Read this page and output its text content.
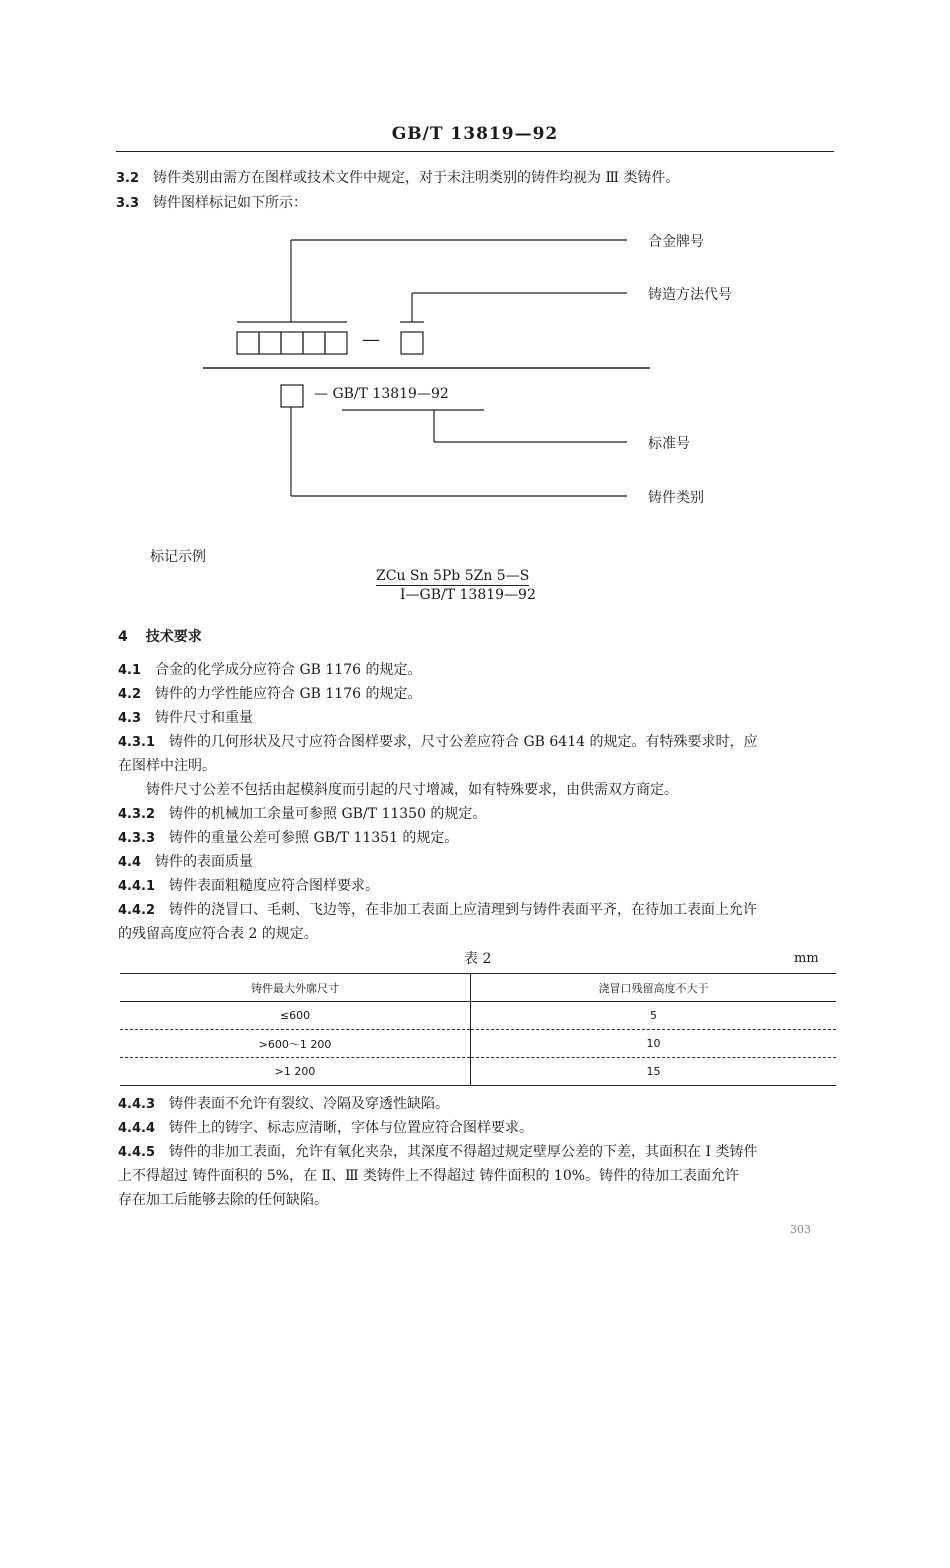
GB/T 13819—92
3.2 铸件类别由需方在图样或技术文件中规定，对于未注明类别的铸件均视为 Ⅲ 类铸件。
3.3 铸件图样标记如下所示：
—
— GB/T 13819—92
合金牌号
铸造方法代号
标准号
铸件类别
标记示例
ZCu Sn 5Pb 5Zn 5—S
Ⅰ—GB/T 13819—92
4 技术要求
4.1 合金的化学成分应符合 GB 1176 的规定。
4.2 铸件的力学性能应符合 GB 1176 的规定。
4.3 铸件尺寸和重量
4.3.1 铸件的几何形状及尺寸应符合图样要求，尺寸公差应符合 GB 6414 的规定。有特殊要求时，应
在图样中注明。
铸件尺寸公差不包括由起模斜度而引起的尺寸增减，如有特殊要求，由供需双方商定。
4.3.2 铸件的机械加工余量可参照 GB/T 11350 的规定。
4.3.3 铸件的重量公差可参照 GB/T 11351 的规定。
4.4 铸件的表面质量
4.4.1 铸件表面粗糙度应符合图样要求。
4.4.2 铸件的浇冒口、毛刺、飞边等，在非加工表面上应清理到与铸件表面平齐，在待加工表面上允许
的残留高度应符合表 2 的规定。
表 2	mm
铸件最大外廓尺寸	浇冒口残留高度不大于
≤600	5
>600～1 200	10
>1 200	15
4.4.3 铸件表面不允许有裂纹、冷隔及穿透性缺陷。
4.4.4 铸件上的铸字、标志应清晰，字体与位置应符合图样要求。
4.4.5 铸件的非加工表面，允许有氧化夹杂，其深度不得超过规定壁厚公差的下差，其面积在 Ⅰ 类铸件
上不得超过 铸件面积的 5%，在 Ⅱ、Ⅲ 类铸件上不得超过 铸件面积的 10%。铸件的待加工表面允许
存在加工后能够去除的任何缺陷。
303
